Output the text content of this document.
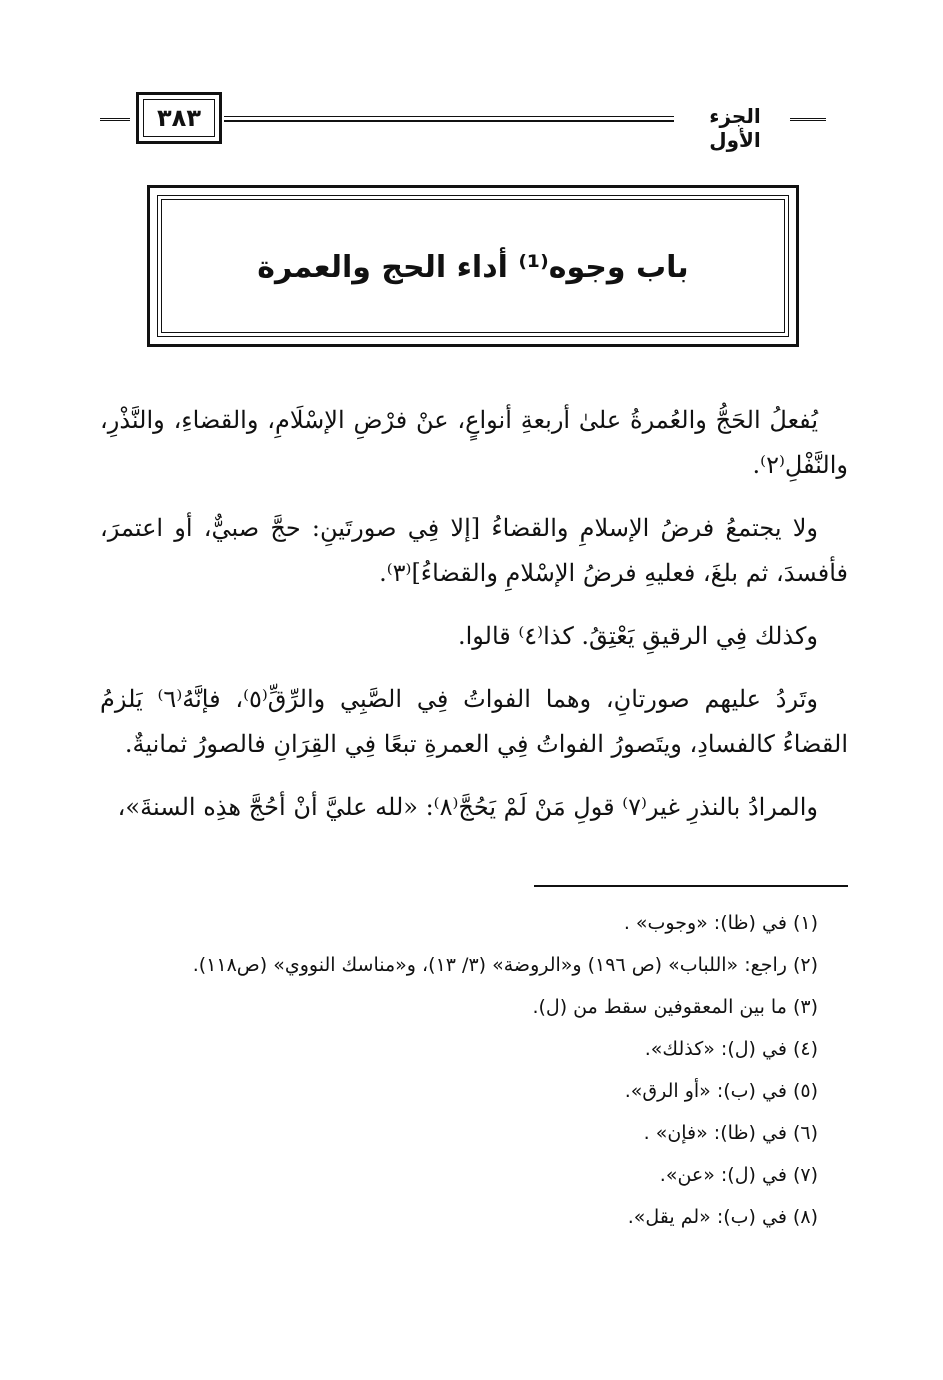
٣٨٣	الجزء الأول
باب وجوه⁽¹⁾ أداء الحج والعمرة

يُفعلُ الحَجُّ والعُمرةُ علىٰ أربعةِ أنواعٍ، عنْ فرْضِ الإسْلَامِ، والقضاءِ، والنَّذْرِ، والنَّفْلِ⁽٢⁾.

ولا يجتمعُ فرضُ الإسلامِ والقضاءُ [إلا فِي صورتَينِ: حجَّ صبيٌّ، أو اعتمرَ، فأفسدَ، ثم بلغَ، فعليهِ فرضُ الإسْلامِ والقضاءُ]⁽٣⁾.

وكذلك فِي الرقيقِ يَعْتِقُ. كذا⁽٤⁾ قالوا.

وتَردُ عليهم صورتانِ، وهما الفواتُ فِي الصَّبِي والرِّقِّ⁽٥⁾، فإنَّهُ⁽٦⁾ يَلزمُ القضاءُ كالفسادِ، ويتَصورُ الفواتُ فِي العمرةِ تبعًا فِي القِرَانِ فالصورُ ثمانيةٌ.

والمرادُ بالنذرِ غير⁽٧⁾ قولِ مَنْ لَمْ يَحُجَّ⁽٨⁾: «لله عليَّ أنْ أحُجَّ هذِه السنةَ»،

(١) في (ظا): «وجوب» .
(٢) راجع: «اللباب» (ص ١٩٦) و«الروضة» (٣/ ١٣)، و«مناسك النووي» (ص١١٨).
(٣) ما بين المعقوفين سقط من (ل).
(٤) في (ل): «كذلك».
(٥) في (ب): «أو الرق».
(٦) في (ظا): «فإن» .
(٧) في (ل): «عن».
(٨) في (ب): «لم يقل».
